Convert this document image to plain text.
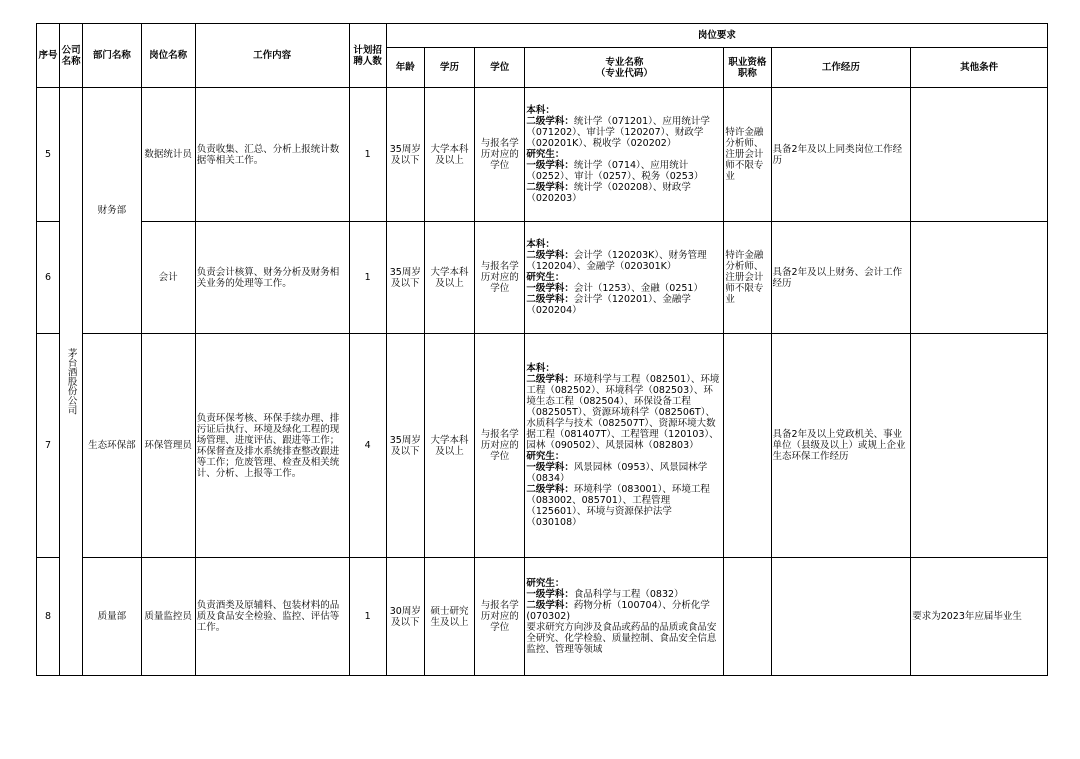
序号	公司名称	部门名称	岗位名称	工作内容	计划招聘人数	岗位要求						
						年龄	学历	学位	专业名称
（专业代码）	职业资格职称	工作经历	其他条件
5	茅台酒股份公司	财务部	数据统计员	负责收集、汇总、分析上报统计数据等相关工作。	1	35周岁及以下	大学本科及以上	与报名学历对应的学位	本科：
二级学科：统计学（071201）、应用统计学（071202）、审计学（120207）、财政学（020201K）、税收学（020202）
研究生：
一级学科：统计学（0714）、应用统计（0252）、审计（0257）、税务（0253）
二级学科：统计学（020208）、财政学（020203）	特许金融分析师、注册会计师不限专业	具备2年及以上同类岗位工作经历	
6			会计	负责会计核算、财务分析及财务相关业务的处理等工作。	1	35周岁及以下	大学本科及以上	与报名学历对应的学位	本科：
二级学科：会计学（120203K）、财务管理（120204）、金融学（020301K）
研究生：
一级学科：会计（1253）、金融（0251）
二级学科：会计学（120201）、金融学（020204）	特许金融分析师、注册会计师不限专业	具备2年及以上财务、会计工作经历	
7		生态环保部	环保管理员	负责环保考核、环保手续办理、排污证后执行、环境及绿化工程的现场管理、进度评估、跟进等工作；环保督查及排水系统排查整改跟进等工作；危废管理、检查及相关统计、分析、上报等工作。	4	35周岁及以下	大学本科及以上	与报名学历对应的学位	本科：
二级学科：环境科学与工程（082501）、环境工程（082502）、环境科学（082503）、环境生态工程（082504）、环保设备工程（082505T）、资源环境科学（082506T）、水质科学与技术（082507T）、资源环境大数据工程（081407T）、工程管理（120103）、园林（090502）、风景园林（082803）
研究生：
一级学科：风景园林（0953）、风景园林学（0834）
二级学科：环境科学（083001）、环境工程（083002、085701）、工程管理（125601）、环境与资源保护法学（030108）		具备2年及以上党政机关、事业单位（县级及以上）或规上企业生态环保工作经历	
8		质量部	质量监控员	负责酒类及原辅料、包装材料的品质及食品安全检验、监控、评估等工作。	1	30周岁及以下	硕士研究生及以上	与报名学历对应的学位	研究生：
一级学科：食品科学与工程（0832）
二级学科：药物分析（100704）、分析化学(070302)
要求研究方向涉及食品或药品的品质或食品安全研究、化学检验、质量控制、食品安全信息监控、管理等领域			要求为2023年应届毕业生
